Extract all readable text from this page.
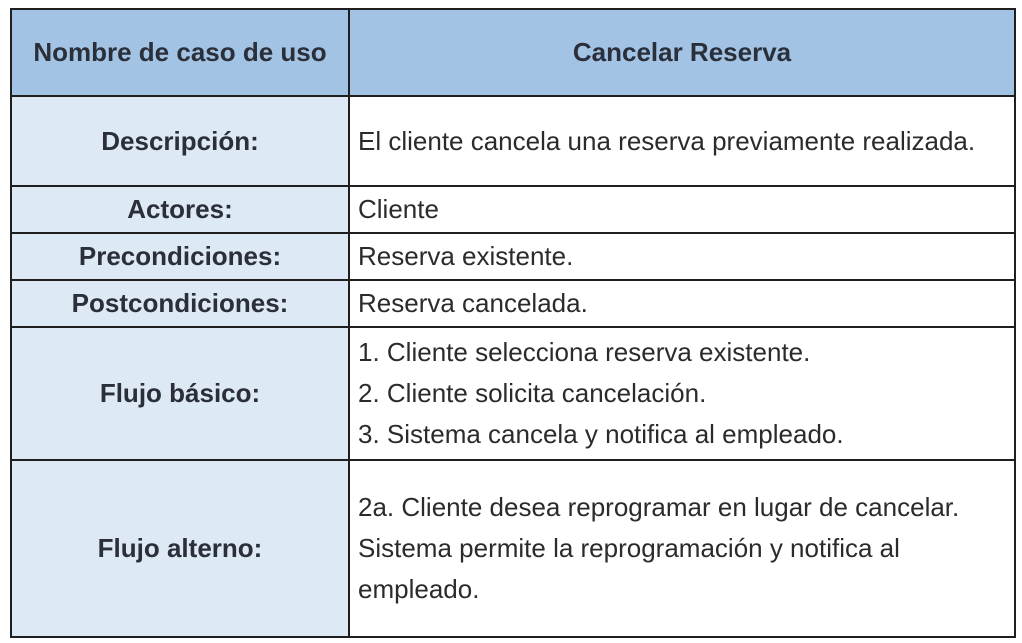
Nombre de caso de uso	Cancelar Reserva
Descripción:	El cliente cancela una reserva previamente realizada.
Actores:	Cliente
Precondiciones:	Reserva existente.
Postcondiciones:	Reserva cancelada.
Flujo básico:	1. Cliente selecciona reserva existente.

2. Cliente solicita cancelación.

3. Sistema cancela y notifica al empleado.

Flujo alterno:	2a. Cliente desea reprogramar en lugar de cancelar.

Sistema permite la reprogramación y notifica al empleado.
